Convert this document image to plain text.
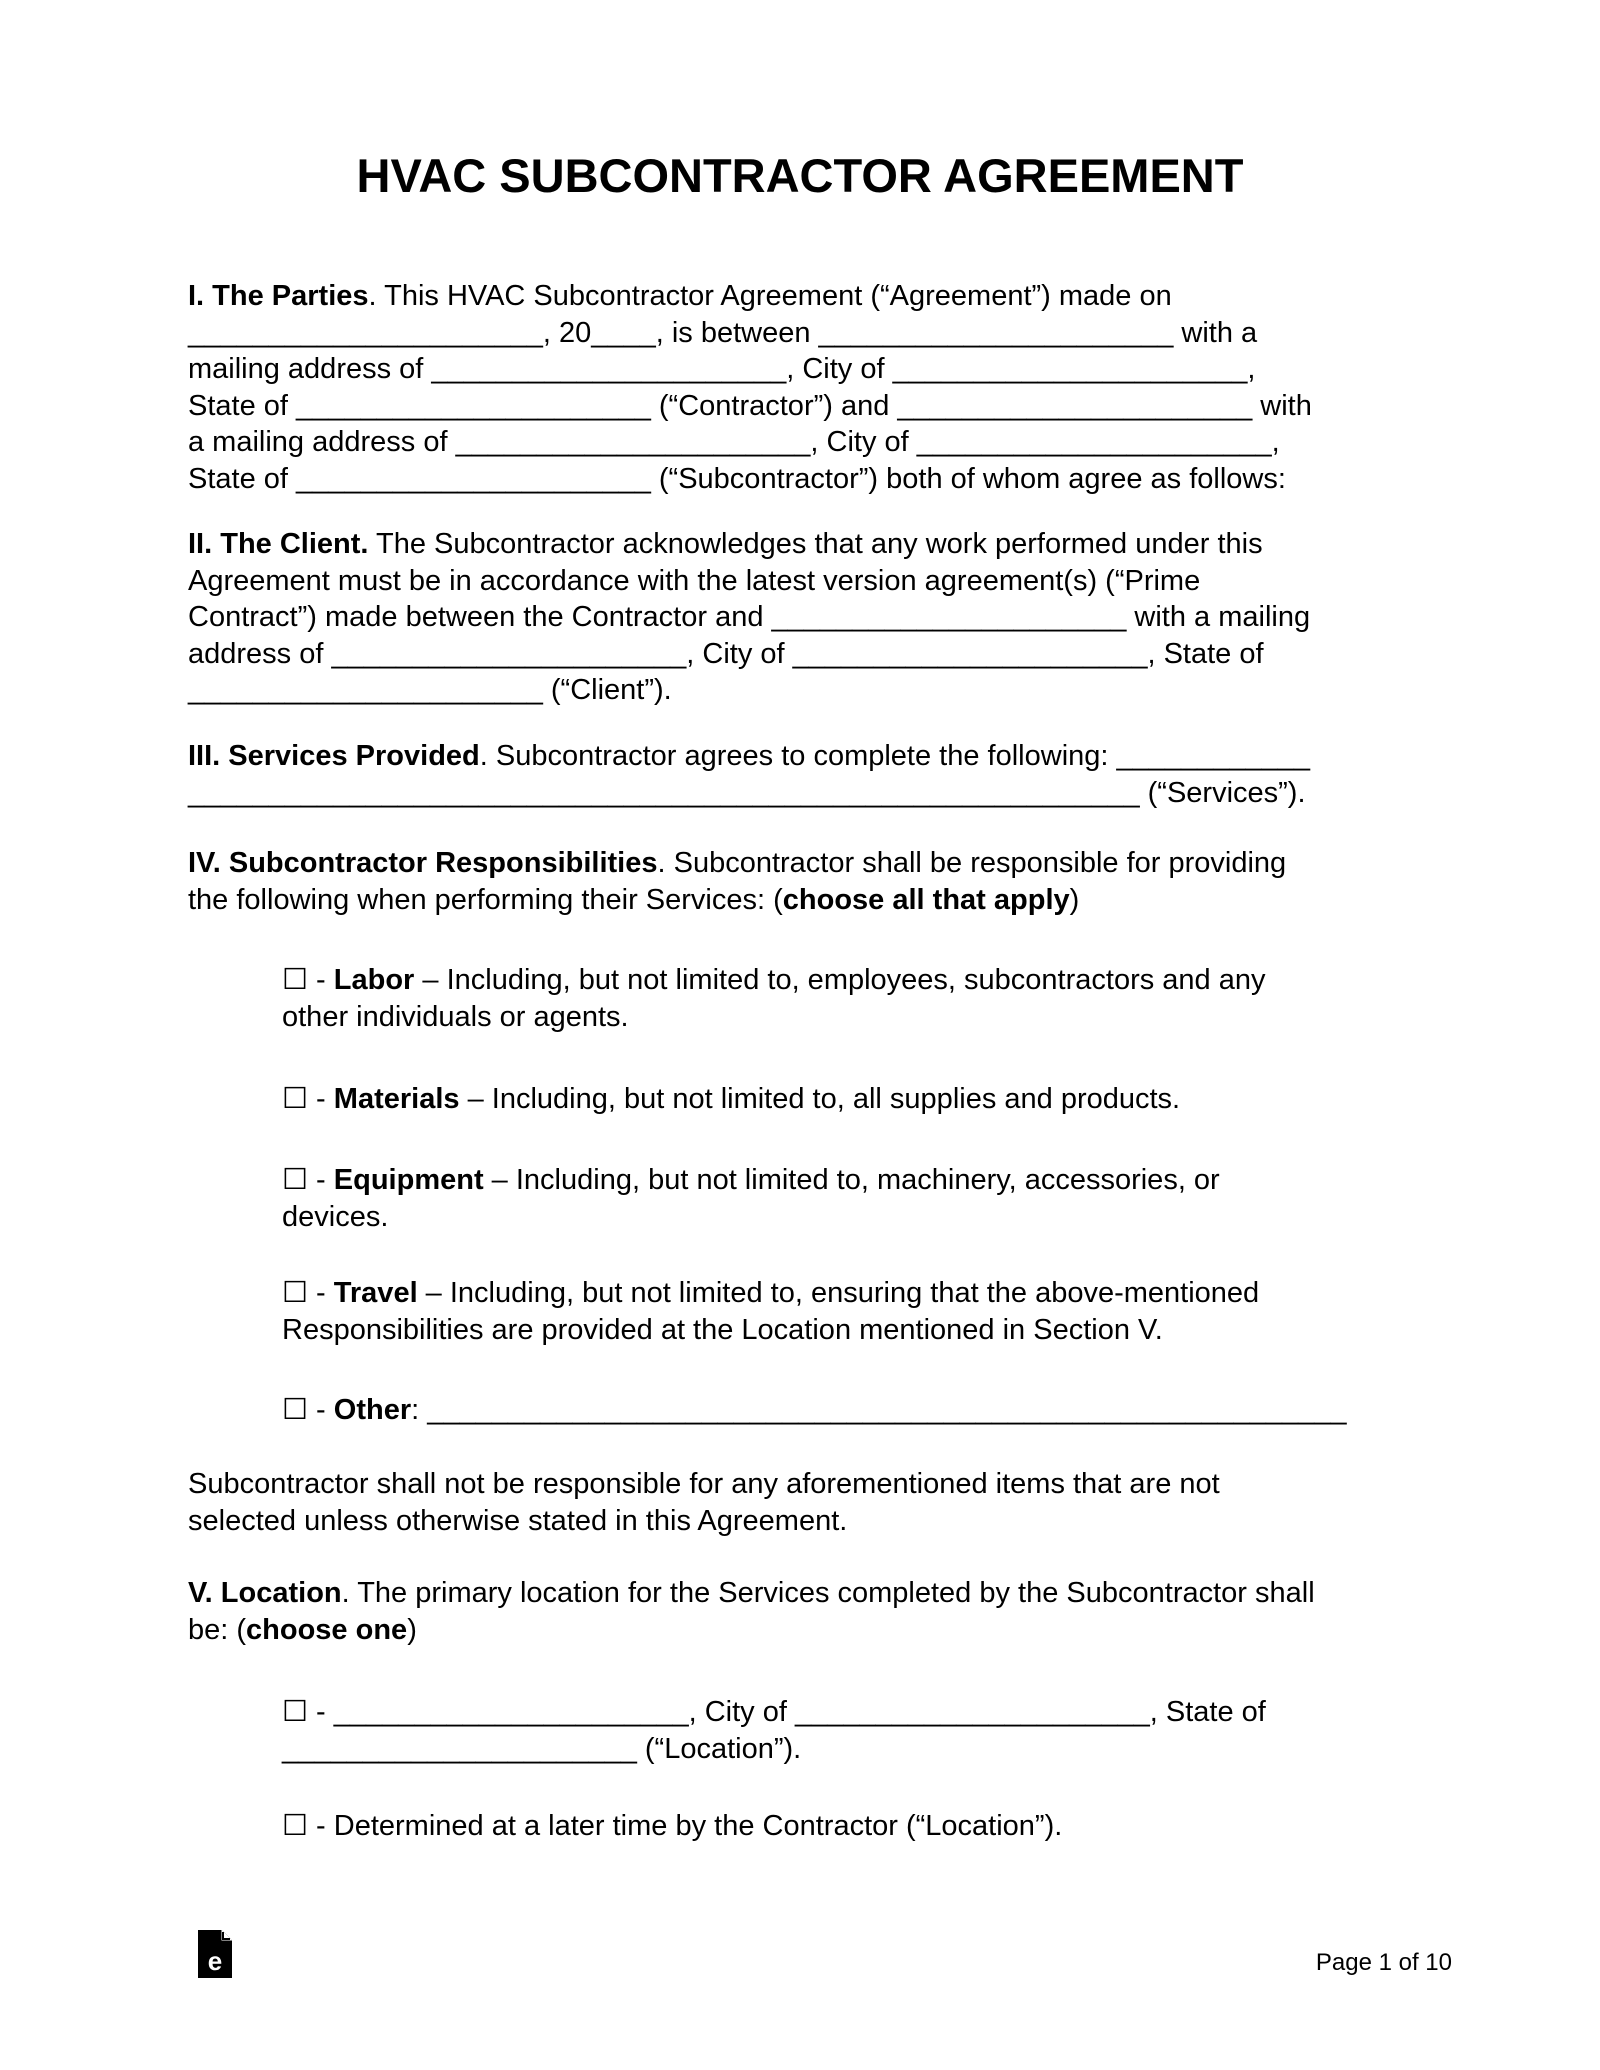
HVAC SUBCONTRACTOR AGREEMENT

I. The Parties. This HVAC Subcontractor Agreement (“Agreement”) made on

______________________, 20____, is between ______________________ with a

mailing address of ______________________, City of ______________________,

State of ______________________ (“Contractor”) and ______________________ with

a mailing address of ______________________, City of ______________________,

State of ______________________ (“Subcontractor”) both of whom agree as follows:

II. The Client. The Subcontractor acknowledges that any work performed under this

Agreement must be in accordance with the latest version agreement(s) (“Prime

Contract”) made between the Contractor and ______________________ with a mailing

address of ______________________, City of ______________________, State of

______________________ (“Client”).

III. Services Provided. Subcontractor agrees to complete the following: ____________

___________________________________________________________ (“Services”).

IV. Subcontractor Responsibilities. Subcontractor shall be responsible for providing

the following when performing their Services: (choose all that apply)

☐ - Labor – Including, but not limited to, employees, subcontractors and any

other individuals or agents.

☐ - Materials – Including, but not limited to, all supplies and products.

☐ - Equipment – Including, but not limited to, machinery, accessories, or

devices.

☐ - Travel – Including, but not limited to, ensuring that the above-mentioned

Responsibilities are provided at the Location mentioned in Section V.

☐ - Other: _________________________________________________________

Subcontractor shall not be responsible for any aforementioned items that are not

selected unless otherwise stated in this Agreement.

V. Location. The primary location for the Services completed by the Subcontractor shall

be: (choose one)

☐ - ______________________, City of ______________________, State of

______________________ (“Location”).

☐ - Determined at a later time by the Contractor (“Location”).

e	Page 1 of 10
